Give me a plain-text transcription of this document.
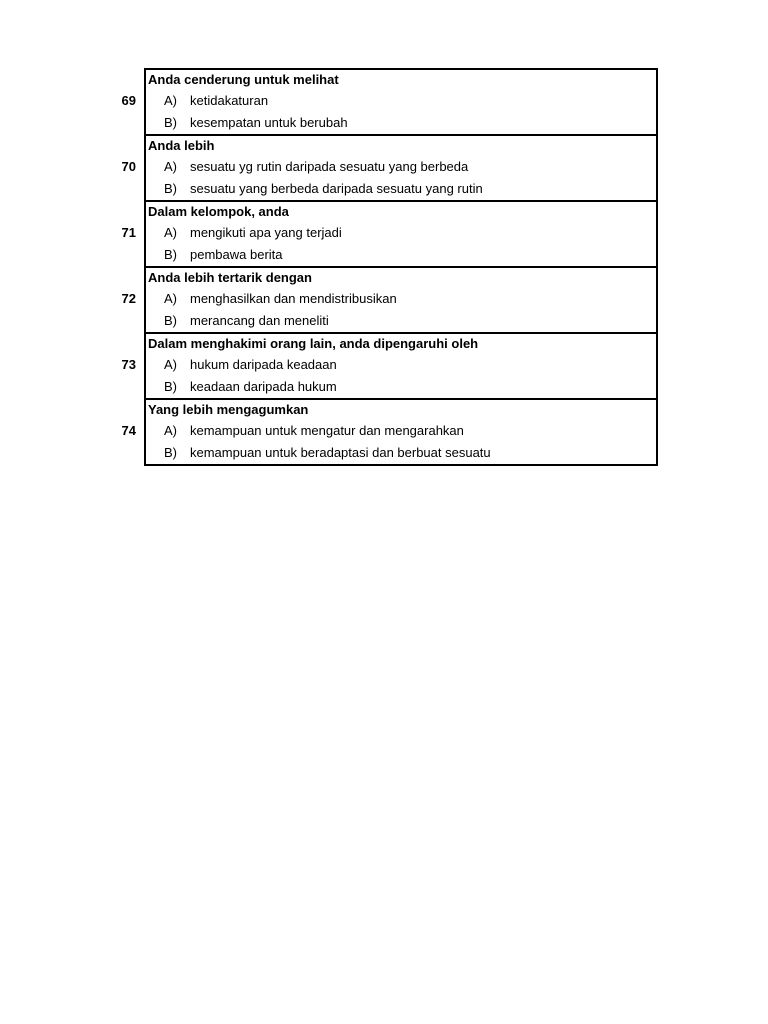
69
Anda cenderung untuk melihat
A) ketidakaturan
B) kesempatan untuk berubah
70
Anda lebih
A) sesuatu yg rutin daripada sesuatu yang berbeda
B) sesuatu yang berbeda daripada sesuatu yang rutin
71
Dalam kelompok, anda
A) mengikuti apa yang terjadi
B) pembawa berita
72
Anda lebih tertarik dengan
A) menghasilkan dan mendistribusikan
B) merancang dan meneliti
73
Dalam menghakimi orang lain, anda dipengaruhi oleh
A) hukum daripada keadaan
B) keadaan daripada hukum
74
Yang lebih mengagumkan
A) kemampuan untuk mengatur dan mengarahkan
B) kemampuan untuk beradaptasi dan berbuat sesuatu
